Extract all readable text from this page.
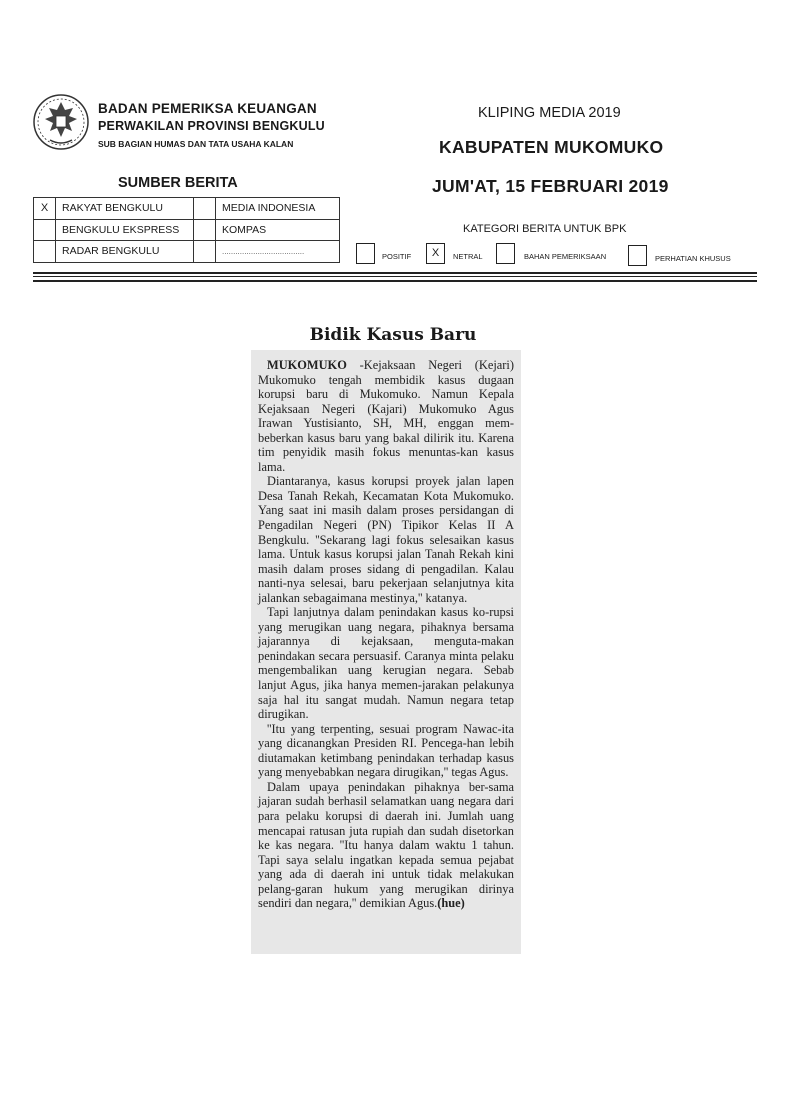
BADAN PEMERIKSA KEUANGAN
PERWAKILAN PROVINSI BENGKULU
SUB BAGIAN HUMAS DAN TATA USAHA KALAN
KLIPING MEDIA 2019
KABUPATEN MUKOMUKO
JUM'AT, 15 FEBRUARI 2019
SUMBER BERITA
X	RAKYAT BENGKULU		MEDIA INDONESIA
	BENGKULU EKSPRESS		KOMPAS
	RADAR BENGKULU		.....................................
KATEGORI BERITA UNTUK BPK
POSITIF	X	NETRAL	BAHAN PEMERIKSAAN	PERHATIAN KHUSUS
Bidik Kasus Baru

MUKOMUKO -Kejaksaan Negeri (Kejari) Mukomuko tengah membidik kasus dugaan korupsi baru di Mukomuko. Namun Kepala Kejaksaan Negeri (Kajari) Mukomuko Agus Irawan Yustisianto, SH, MH, enggan mem-beberkan kasus baru yang bakal dilirik itu. Karena tim penyidik masih fokus menuntas-kan kasus lama.

Diantaranya, kasus korupsi proyek jalan lapen Desa Tanah Rekah, Kecamatan Kota Mukomuko. Yang saat ini masih dalam proses persidangan di Pengadilan Negeri (PN) Tipikor Kelas II A Bengkulu. ''Sekarang lagi fokus selesaikan kasus lama. Untuk kasus korupsi jalan Tanah Rekah kini masih dalam proses sidang di pengadilan. Kalau nanti-nya selesai, baru pekerjaan selanjutnya kita jalankan sebagaimana mestinya,'' katanya.

Tapi lanjutnya dalam penindakan kasus ko-rupsi yang merugikan uang negara, pihaknya bersama jajarannya di kejaksaan, menguta-makan penindakan secara persuasif. Caranya minta pelaku mengembalikan uang kerugian negara. Sebab lanjut Agus, jika hanya memen-jarakan pelakunya saja hal itu sangat mudah. Namun negara tetap dirugikan.

''Itu yang terpenting, sesuai program Nawac-ita yang dicanangkan Presiden RI. Pencega-han lebih diutamakan ketimbang penindakan terhadap kasus yang menyebabkan negara dirugikan,'' tegas Agus.

Dalam upaya penindakan pihaknya ber-sama jajaran sudah berhasil selamatkan uang negara dari para pelaku korupsi di daerah ini. Jumlah uang mencapai ratusan juta rupiah dan sudah disetorkan ke kas negara. ''Itu hanya dalam waktu 1 tahun. Tapi saya selalu ingatkan kepada semua pejabat yang ada di daerah ini untuk tidak melakukan pelang-garan hukum yang merugikan dirinya sendiri dan negara,'' demikian Agus.(hue)
